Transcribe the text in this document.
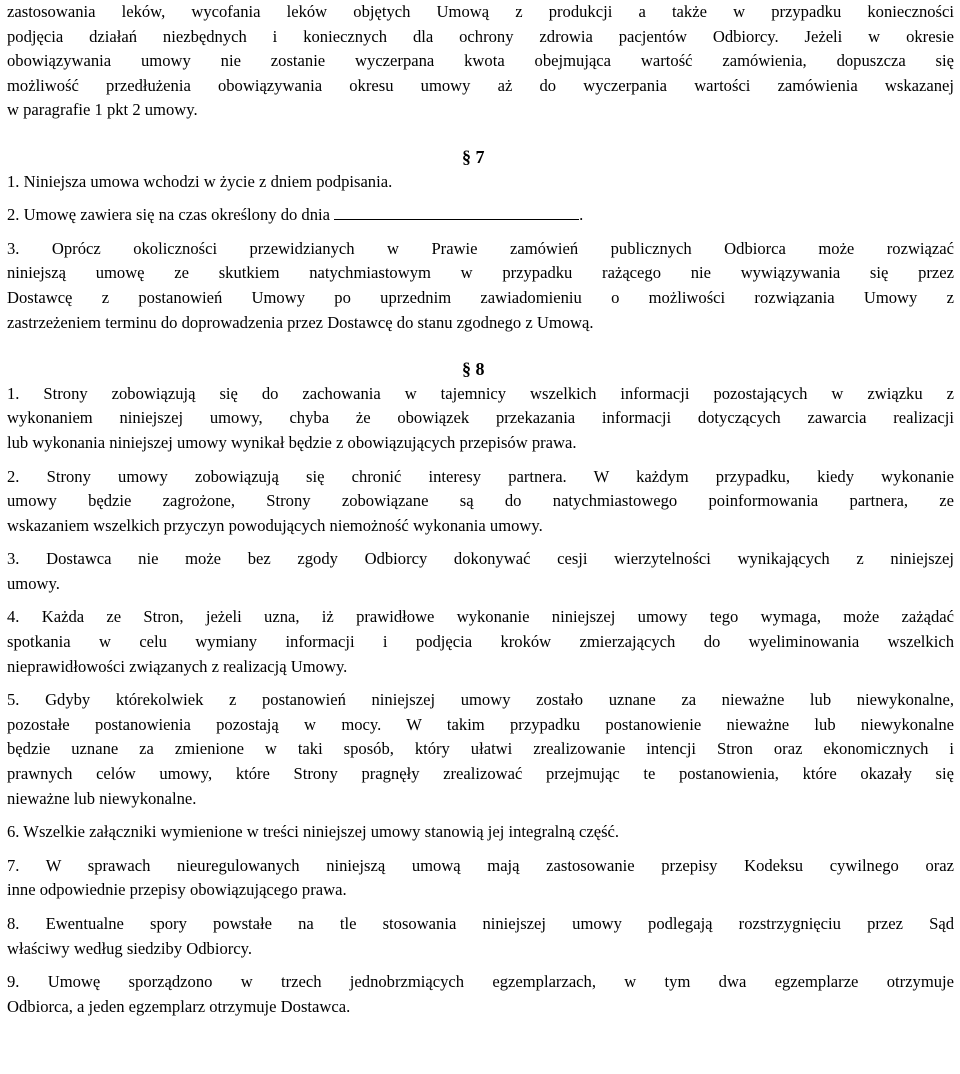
zastosowania leków, wycofania leków objętych Umową z produkcji a także w przypadku konieczności
podjęcia działań niezbędnych i koniecznych dla ochrony zdrowia pacjentów Odbiorcy. Jeżeli w okresie
obowiązywania umowy nie zostanie wyczerpana kwota obejmująca wartość zamówienia, dopuszcza się
możliwość przedłużenia obowiązywania okresu umowy aż do wyczerpania wartości zamówienia wskazanej
w paragrafie 1 pkt 2 umowy.
§ 7
1. Niniejsza umowa wchodzi w życie z dniem podpisania.
2. Umowę zawiera się na czas określony do dnia	.
3. Oprócz okoliczności przewidzianych w Prawie zamówień publicznych Odbiorca może rozwiązać
niniejszą umowę ze skutkiem natychmiastowym w przypadku rażącego nie wywiązywania się przez
Dostawcę z postanowień Umowy po uprzednim zawiadomieniu o możliwości rozwiązania Umowy z
zastrzeżeniem terminu do doprowadzenia przez Dostawcę do stanu zgodnego z Umową.
§ 8
1. Strony zobowiązują się do zachowania w tajemnicy wszelkich informacji pozostających w związku z
wykonaniem niniejszej umowy, chyba że obowiązek przekazania informacji dotyczących zawarcia realizacji
lub wykonania niniejszej umowy wynikał będzie z obowiązujących przepisów prawa.
2. Strony umowy zobowiązują się chronić interesy partnera. W każdym przypadku, kiedy wykonanie
umowy będzie zagrożone, Strony zobowiązane są do natychmiastowego poinformowania partnera, ze
wskazaniem wszelkich przyczyn powodujących niemożność wykonania umowy.
3. Dostawca nie może bez zgody Odbiorcy dokonywać cesji wierzytelności wynikających z niniejszej
umowy.
4. Każda ze Stron, jeżeli uzna, iż prawidłowe wykonanie niniejszej umowy tego wymaga, może zażądać
spotkania w celu wymiany informacji i podjęcia kroków zmierzających do wyeliminowania wszelkich
nieprawidłowości związanych z realizacją Umowy.
5. Gdyby którekolwiek z postanowień niniejszej umowy zostało uznane za nieważne lub niewykonalne,
pozostałe postanowienia pozostają w mocy. W takim przypadku postanowienie nieważne lub niewykonalne
będzie uznane za zmienione w taki sposób, który ułatwi zrealizowanie intencji Stron oraz ekonomicznych i
prawnych celów umowy, które Strony pragnęły zrealizować przejmując te postanowienia, które okazały się
nieważne lub niewykonalne.
6. Wszelkie załączniki wymienione w treści niniejszej umowy stanowią jej integralną część.
7. W sprawach nieuregulowanych niniejszą umową mają zastosowanie przepisy Kodeksu cywilnego oraz
inne odpowiednie przepisy obowiązującego prawa.
8. Ewentualne spory powstałe na tle stosowania niniejszej umowy podlegają rozstrzygnięciu przez Sąd
właściwy według siedziby Odbiorcy.
9. Umowę sporządzono w trzech jednobrzmiących egzemplarzach, w tym dwa egzemplarze otrzymuje
Odbiorca, a jeden egzemplarz otrzymuje Dostawca.
